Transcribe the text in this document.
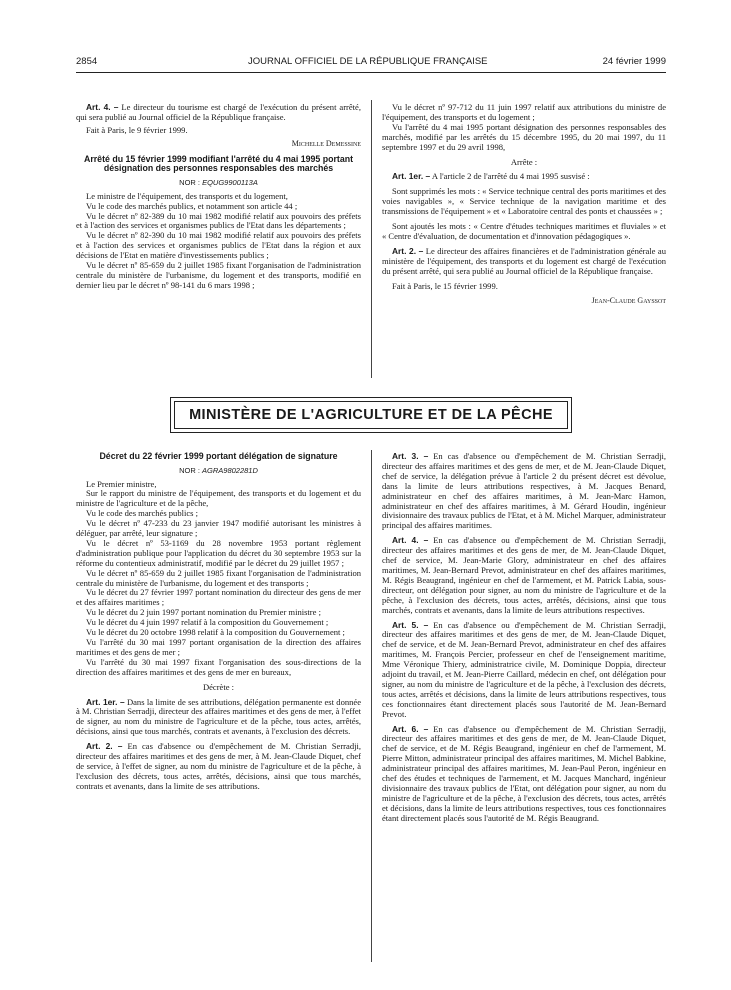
2854	JOURNAL OFFICIEL DE LA RÉPUBLIQUE FRANÇAISE	24 février 1999

Art. 4. – Le directeur du tourisme est chargé de l'exécution du présent arrêté, qui sera publié au Journal officiel de la République française.

Fait à Paris, le 9 février 1999.

Michelle Demessine

Arrêté du 15 février 1999 modifiant l'arrêté du 4 mai 1995 portant désignation des personnes responsables des marchés

NOR : EQUG9900113A

Le ministre de l'équipement, des transports et du logement,

Vu le code des marchés publics, et notamment son article 44 ;

Vu le décret nº 82-389 du 10 mai 1982 modifié relatif aux pouvoirs des préfets et à l'action des services et organismes publics de l'Etat dans les départements ;

Vu le décret nº 82-390 du 10 mai 1982 modifié relatif aux pouvoirs des préfets et à l'action des services et organismes publics de l'Etat dans la région et aux décisions de l'Etat en matière d'investissements publics ;

Vu le décret nº 85-659 du 2 juillet 1985 fixant l'organisation de l'administration centrale du ministère de l'urbanisme, du logement et des transports, modifié en dernier lieu par le décret nº 98-141 du 6 mars 1998 ;

Vu le décret nº 97-712 du 11 juin 1997 relatif aux attributions du ministre de l'équipement, des transports et du logement ;

Vu l'arrêté du 4 mai 1995 portant désignation des personnes responsables des marchés, modifié par les arrêtés du 15 décembre 1995, du 20 mai 1997, du 11 septembre 1997 et du 29 avril 1998,

Arrête :

Art. 1er. – A l'article 2 de l'arrêté du 4 mai 1995 susvisé :

Sont supprimés les mots : « Service technique central des ports maritimes et des voies navigables », « Service technique de la navigation maritime et des transmissions de l'équipement » et « Laboratoire central des ponts et chaussées » ;

Sont ajoutés les mots : « Centre d'études techniques maritimes et fluviales » et « Centre d'évaluation, de documentation et d'innovation pédagogiques ».

Art. 2. – Le directeur des affaires financières et de l'administration générale au ministère de l'équipement, des transports et du logement est chargé de l'exécution du présent arrêté, qui sera publié au Journal officiel de la République française.

Fait à Paris, le 15 février 1999.

Jean-Claude Gayssot

MINISTÈRE DE L'AGRICULTURE ET DE LA PÊCHE

Décret du 22 février 1999 portant délégation de signature

NOR : AGRA9802281D

Le Premier ministre,

Sur le rapport du ministre de l'équipement, des transports et du logement et du ministre de l'agriculture et de la pêche,

Vu le code des marchés publics ;

Vu le décret nº 47-233 du 23 janvier 1947 modifié autorisant les ministres à déléguer, par arrêté, leur signature ;

Vu le décret nº 53-1169 du 28 novembre 1953 portant règlement d'administration publique pour l'application du décret du 30 septembre 1953 sur la réforme du contentieux administratif, modifié par le décret du 29 juillet 1957 ;

Vu le décret nº 85-659 du 2 juillet 1985 fixant l'organisation de l'administration centrale du ministère de l'urbanisme, du logement et des transports ;

Vu le décret du 27 février 1997 portant nomination du directeur des gens de mer et des affaires maritimes ;

Vu le décret du 2 juin 1997 portant nomination du Premier ministre ;

Vu le décret du 4 juin 1997 relatif à la composition du Gouvernement ;

Vu le décret du 20 octobre 1998 relatif à la composition du Gouvernement ;

Vu l'arrêté du 30 mai 1997 portant organisation de la direction des affaires maritimes et des gens de mer ;

Vu l'arrêté du 30 mai 1997 fixant l'organisation des sous-directions de la direction des affaires maritimes et des gens de mer en bureaux,

Décrète :

Art. 1er. – Dans la limite de ses attributions, délégation permanente est donnée à M. Christian Serradji, directeur des affaires maritimes et des gens de mer, à l'effet de signer, au nom du ministre de l'agriculture et de la pêche, tous actes, arrêtés, décisions, ainsi que tous marchés, contrats et avenants, à l'exclusion des décrets.

Art. 2. – En cas d'absence ou d'empêchement de M. Christian Serradji, directeur des affaires maritimes et des gens de mer, à M. Jean-Claude Diquet, chef de service, à l'effet de signer, au nom du ministre de l'agriculture et de la pêche, à l'exclusion des décrets, tous actes, arrêtés, décisions, ainsi que tous marchés, contrats et avenants, dans la limite de ses attributions.

Art. 3. – En cas d'absence ou d'empêchement de M. Christian Serradji, directeur des affaires maritimes et des gens de mer, et de M. Jean-Claude Diquet, chef de service, la délégation prévue à l'article 2 du présent décret est dévolue, dans la limite de leurs attributions respectives, à M. Jacques Benard, administrateur en chef des affaires maritimes, à M. Jean-Marc Hamon, administrateur en chef des affaires maritimes, à M. Gérard Houdin, ingénieur divisionnaire des travaux publics de l'Etat, et à M. Michel Marquer, administrateur principal des affaires maritimes.

Art. 4. – En cas d'absence ou d'empêchement de M. Christian Serradji, directeur des affaires maritimes et des gens de mer, de M. Jean-Claude Diquet, chef de service, M. Jean-Marie Glory, administrateur en chef des affaires maritimes, M. Jean-Bernard Prevot, administrateur en chef des affaires maritimes, M. Régis Beaugrand, ingénieur en chef de l'armement, et M. Patrick Labia, sous-directeur, ont délégation pour signer, au nom du ministre de l'agriculture et de la pêche, à l'exclusion des décrets, tous actes, arrêtés, décisions, ainsi que tous marchés, contrats et avenants, dans la limite de leurs attributions respectives.

Art. 5. – En cas d'absence ou d'empêchement de M. Christian Serradji, directeur des affaires maritimes et des gens de mer, de M. Jean-Claude Diquet, chef de service, et de M. Jean-Bernard Prevot, administrateur en chef des affaires maritimes, M. François Percier, professeur en chef de l'enseignement maritime, Mme Véronique Thiery, administratrice civile, M. Dominique Doppia, directeur adjoint du travail, et M. Jean-Pierre Caillard, médecin en chef, ont délégation pour signer, au nom du ministre de l'agriculture et de la pêche, à l'exclusion des décrets, tous actes, arrêtés et décisions, dans la limite de leurs attributions respectives, tous ces fonctionnaires étant directement placés sous l'autorité de M. Jean-Bernard Prevot.

Art. 6. – En cas d'absence ou d'empêchement de M. Christian Serradji, directeur des affaires maritimes et des gens de mer, de M. Jean-Claude Diquet, chef de service, et de M. Régis Beaugrand, ingénieur en chef de l'armement, M. Pierre Mitton, administrateur principal des affaires maritimes, M. Michel Babkine, administrateur principal des affaires maritimes, M. Jean-Paul Peron, ingénieur en chef des études et techniques de l'armement, et M. Jacques Manchard, ingénieur divisionnaire des travaux publics de l'Etat, ont délégation pour signer, au nom du ministre de l'agriculture et de la pêche, à l'exclusion des décrets, tous actes, arrêtés et décisions, dans la limite de leurs attributions respectives, tous ces fonctionnaires étant directement placés sous l'autorité de M. Régis Beaugrand.
